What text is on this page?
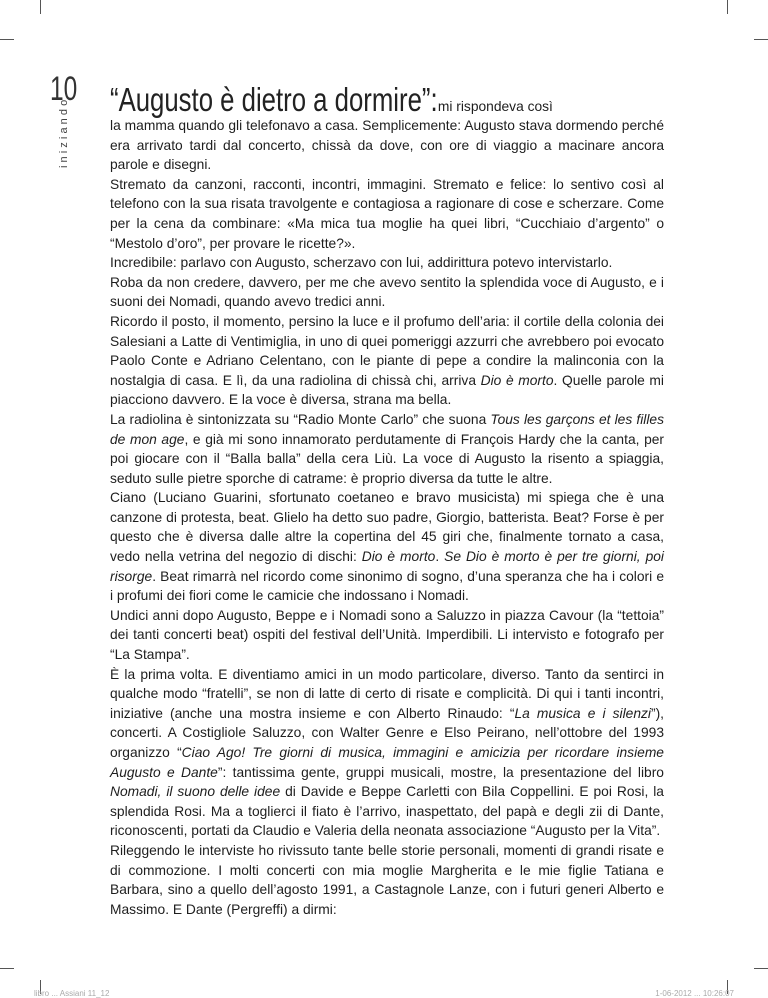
10
iniziando “Augusto è dietro a dormire”: mi rispondeva così

la mamma quando gli telefonavo a casa. Semplicemente: Augusto stava dormendo perché era arrivato tardi dal concerto, chissà da dove, con ore di viaggio a macinare ancora parole e disegni.

Stremato da canzoni, racconti, incontri, immagini. Stremato e felice: lo sentivo così al telefono con la sua risata travolgente e contagiosa a ragionare di cose e scherzare. Come per la cena da combinare: «Ma mica tua moglie ha quei libri, “Cucchiaio d’argento” o “Mestolo d’oro”, per provare le ricette?».

Incredibile: parlavo con Augusto, scherzavo con lui, addirittura potevo intervistarlo.

Roba da non credere, davvero, per me che avevo sentito la splendida voce di Augusto, e i suoni dei Nomadi, quando avevo tredici anni.

Ricordo il posto, il momento, persino la luce e il profumo dell’aria: il cortile della colonia dei Salesiani a Latte di Ventimiglia, in uno di quei pomeriggi azzurri che avrebbero poi evocato Paolo Conte e Adriano Celentano, con le piante di pepe a condire la malinconia con la nostalgia di casa. E lì, da una radiolina di chissà chi, arriva Dio è morto. Quelle parole mi piacciono davvero. E la voce è diversa, strana ma bella.

La radiolina è sintonizzata su “Radio Monte Carlo” che suona Tous les garçons et les filles de mon age, e già mi sono innamorato perdutamente di François Hardy che la canta, per poi giocare con il “Balla balla” della cera Liù. La voce di Augusto la risento a spiaggia, seduto sulle pietre sporche di catrame: è proprio diversa da tutte le altre.

Ciano (Luciano Guarini, sfortunato coetaneo e bravo musicista) mi spiega che è una canzone di protesta, beat. Glielo ha detto suo padre, Giorgio, batterista. Beat? Forse è per questo che è diversa dalle altre la copertina del 45 giri che, finalmente tornato a casa, vedo nella vetrina del negozio di dischi: Dio è morto. Se Dio è morto è per tre giorni, poi risorge. Beat rimarrà nel ricordo come sinonimo di sogno, d’una speranza che ha i colori e i profumi dei fiori come le camicie che indossano i Nomadi.

Undici anni dopo Augusto, Beppe e i Nomadi sono a Saluzzo in piazza Cavour (la “tettoia” dei tanti concerti beat) ospiti del festival dell’Unità. Imperdibili. Li intervisto e fotografo per “La Stampa”.

È la prima volta. E diventiamo amici in un modo particolare, diverso. Tanto da sentirci in qualche modo “fratelli”, se non di latte di certo di risate e complicità. Di qui i tanti incontri, iniziative (anche una mostra insieme e con Alberto Rinaudo: “La musica e i silenzi”), concerti. A Costigliole Saluzzo, con Walter Genre e Elso Peirano, nell’ottobre del 1993 organizzo “Ciao Ago! Tre giorni di musica, immagini e amicizia per ricordare insieme Augusto e Dante”: tantissima gente, gruppi musicali, mostre, la presentazione del libro Nomadi, il suono delle idee di Davide e Beppe Carletti con Bila Coppellini. E poi Rosi, la splendida Rosi. Ma a toglierci il fiato è l’arrivo, inaspettato, del papà e degli zii di Dante, riconoscenti, portati da Claudio e Valeria della neonata associazione “Augusto per la Vita”.

Rileggendo le interviste ho rivissuto tante belle storie personali, momenti di grandi risate e di commozione. I molti concerti con mia moglie Margherita e le mie figlie Tatiana e Barbara, sino a quello dell’agosto 1991, a Castagnole Lanze, con i futuri generi Alberto e Massimo. E Dante (Pergreffi) a dirmi:

libro ... Assiani 11_12	1-06-2012 ... 10:26:07
